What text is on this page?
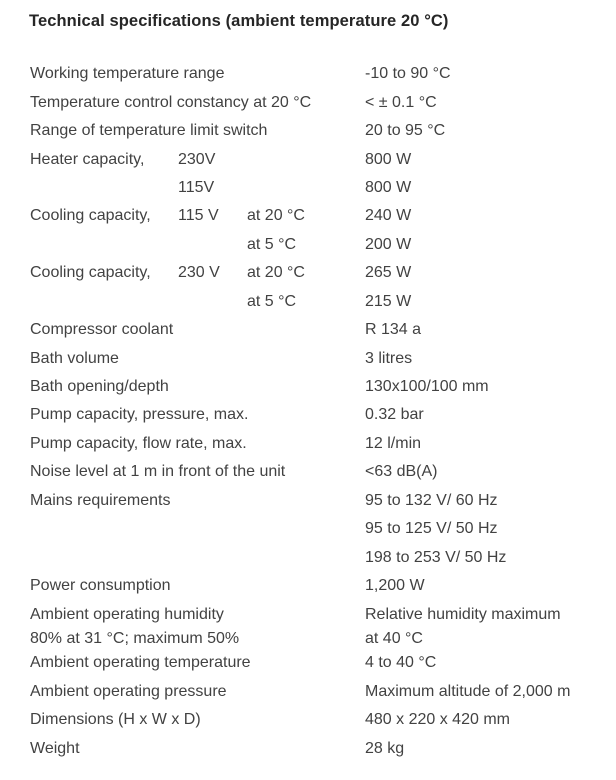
Technical specifications (ambient temperature 20 °C)
Working temperature range	-10 to 90 °C
Temperature control constancy at 20 °C	< ± 0.1 °C
Range of temperature limit switch	20 to 95 °C
Heater capacity, 230V	800 W
115V	800 W
Cooling capacity, 115 V at 20 °C	240 W
at 5 °C	200 W
Cooling capacity, 230 V at 20 °C	265 W
at 5 °C	215 W
Compressor coolant	R 134 a
Bath volume	3 litres
Bath opening/depth	130x100/100 mm
Pump capacity, pressure, max.	0.32 bar
Pump capacity, flow rate, max.	12 l/min
Noise level at 1 m in front of the unit	<63 dB(A)
Mains requirements	95 to 132 V/ 60 Hz
95 to 125 V/ 50 Hz
198 to 253 V/ 50 Hz
Power consumption	1,200 W
Ambient operating humidity	Relative humidity maximum
80% at 31 °C; maximum 50%	at 40 °C
Ambient operating temperature	4 to 40 °C
Ambient operating pressure	Maximum altitude of 2,000 m
Dimensions (H x W x D)	480 x 220 x 420 mm
Weight	28 kg
